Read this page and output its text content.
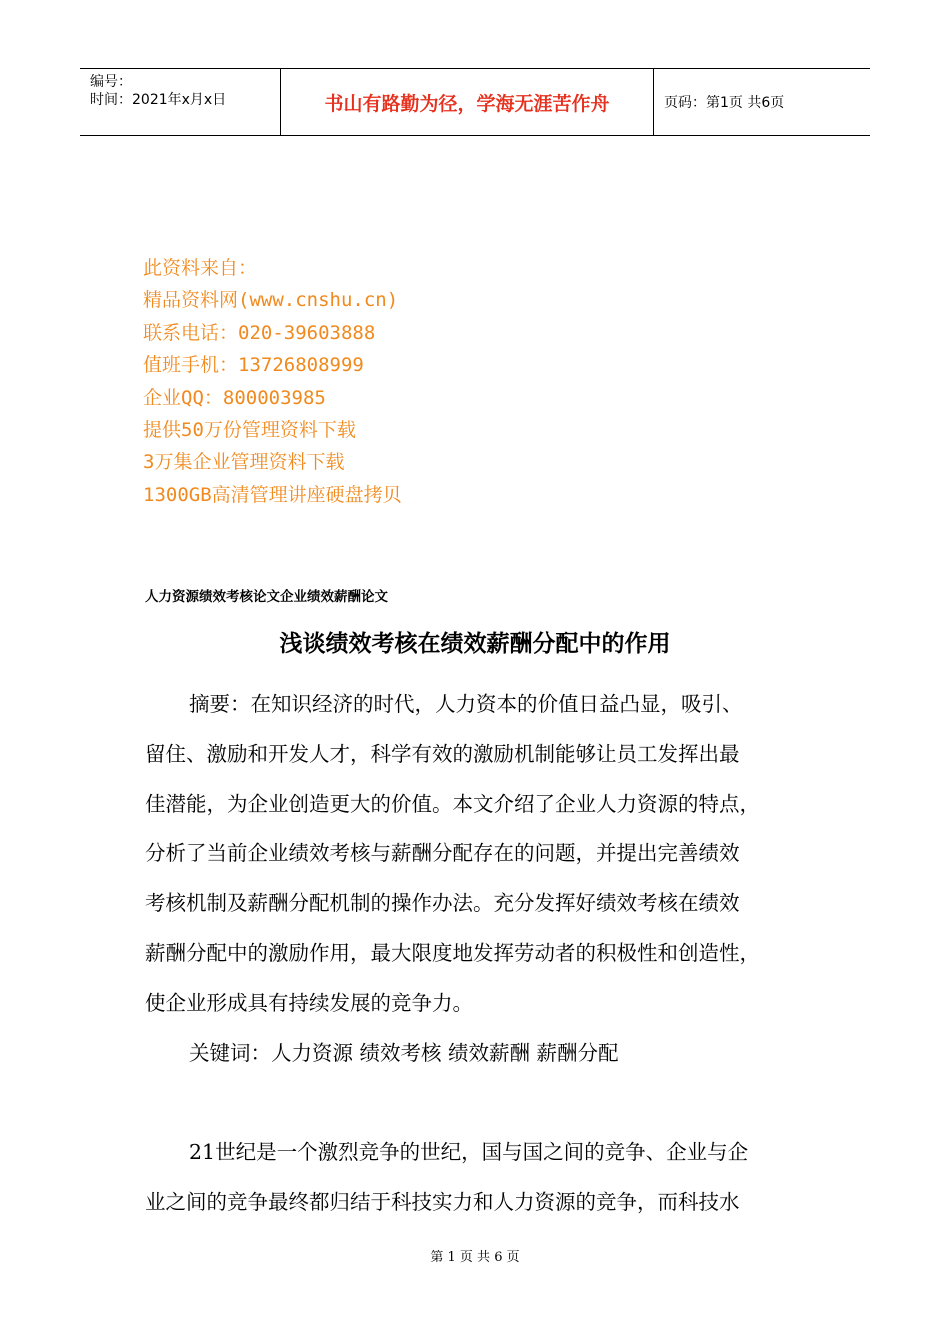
编号：
时间：2021年x月x日	书山有路勤为径，学海无涯苦作舟	页码：第1页 共6页
此资料来自：
精品资料网(www.cnshu.cn)
联系电话：020-39603888
值班手机：13726808999
企业QQ：800003985
提供50万份管理资料下载
3万集企业管理资料下载
1300GB高清管理讲座硬盘拷贝
人力资源绩效考核论文企业绩效薪酬论文
浅谈绩效考核在绩效薪酬分配中的作用
摘要：在知识经济的时代，人力资本的价值日益凸显，吸引、
留住、激励和开发人才，科学有效的激励机制能够让员工发挥出最
佳潜能，为企业创造更大的价值。本文介绍了企业人力资源的特点，
分析了当前企业绩效考核与薪酬分配存在的问题，并提出完善绩效
考核机制及薪酬分配机制的操作办法。充分发挥好绩效考核在绩效
薪酬分配中的激励作用，最大限度地发挥劳动者的积极性和创造性，
使企业形成具有持续发展的竞争力。
关键词：人力资源 绩效考核 绩效薪酬 薪酬分配
21世纪是一个激烈竞争的世纪，国与国之间的竞争、企业与企
业之间的竞争最终都归结于科技实力和人力资源的竞争，而科技水
第 1 页 共 6 页
